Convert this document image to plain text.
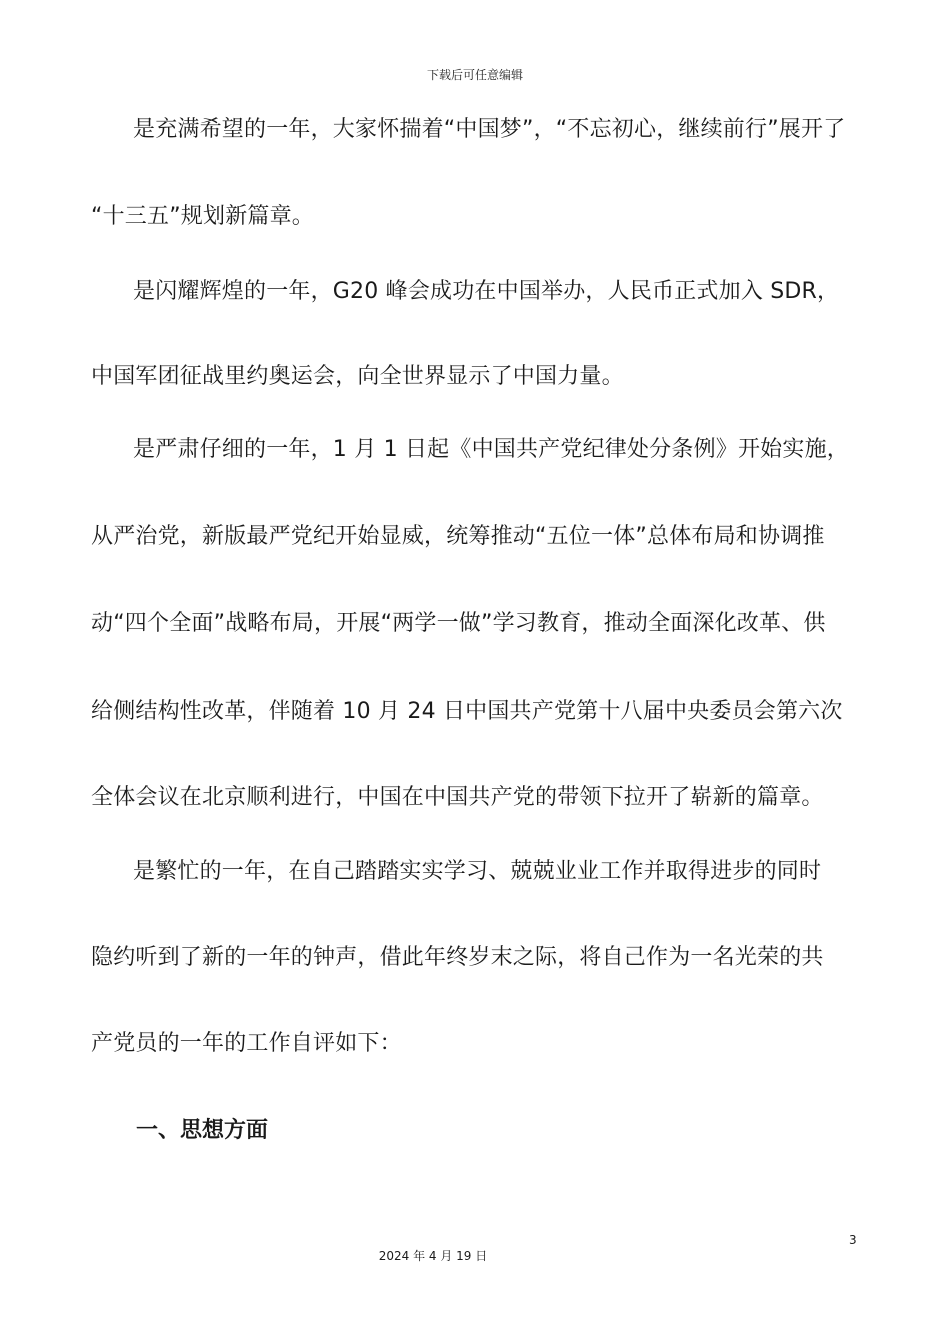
下载后可任意编辑
是充满希望的一年，大家怀揣着“中国梦”，“不忘初心，继续前行”展开了
“十三五”规划新篇章。
是闪耀辉煌的一年，G20 峰会成功在中国举办，人民币正式加入 SDR，
中国军团征战里约奥运会，向全世界显示了中国力量。
是严肃仔细的一年，1 月 1 日起《中国共产党纪律处分条例》开始实施，
从严治党，新版最严党纪开始显威，统筹推动“五位一体”总体布局和协调推
动“四个全面”战略布局，开展“两学一做”学习教育，推动全面深化改革、供
给侧结构性改革，伴随着 10 月 24 日中国共产党第十八届中央委员会第六次
全体会议在北京顺利进行，中国在中国共产党的带领下拉开了崭新的篇章。
是繁忙的一年，在自己踏踏实实学习、兢兢业业工作并取得进步的同时
隐约听到了新的一年的钟声，借此年终岁末之际，将自己作为一名光荣的共
产党员的一年的工作自评如下：
一、思想方面
3
2024 年 4 月 19 日
